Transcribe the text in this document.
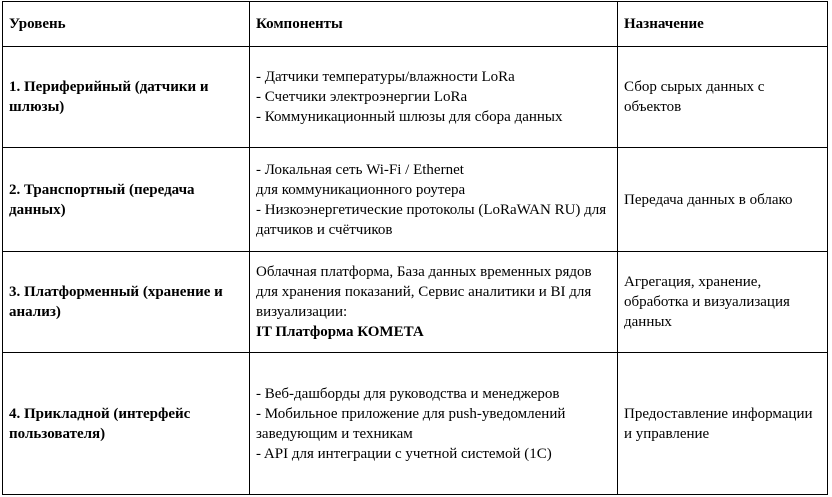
Уровень	Компоненты	Назначение
1. Периферийный (датчики и шлюзы)	- Датчики температуры/влажности LoRa
- Счетчики электроэнергии LoRa
- Коммуникационный шлюзы для сбора данных	Сбор сырых данных с объектов
2. Транспортный (передача данных)	- Локальная сеть Wi-Fi / Ethernet
для коммуникационного роутера
- Низкоэнергетические протоколы (LoRaWAN RU) для датчиков и счётчиков	Передача данных в облако
3. Платформенный (хранение и анализ)	Облачная платформа, База данных временных рядов для хранения показаний, Сервис аналитики и BI для визуализации:
IT Платформа КОМЕТА	Агрегация, хранение, обработка и визуализация данных
4. Прикладной (интерфейс пользователя)	- Веб-дашборды для руководства и менеджеров
- Мобильное приложение для push-уведомлений заведующим и техникам
- API для интеграции с учетной системой (1С)	Предоставление информации и управление
